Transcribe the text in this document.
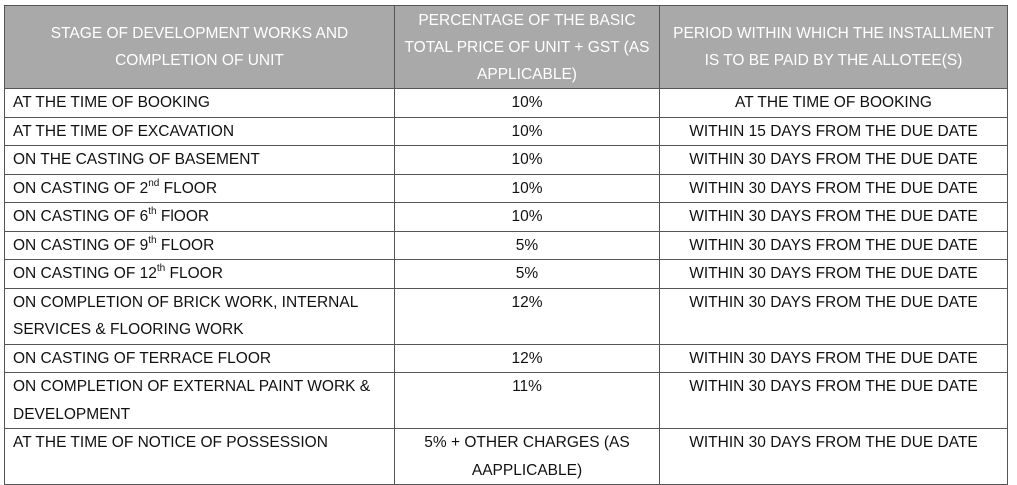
STAGE OF DEVELOPMENT WORKS AND COMPLETION OF UNIT	PERCENTAGE OF THE BASIC TOTAL PRICE OF UNIT + GST (AS APPLICABLE)	PERIOD WITHIN WHICH THE INSTALLMENT IS TO BE PAID BY THE ALLOTEE(S)
AT THE TIME OF BOOKING	10%	AT THE TIME OF BOOKING
AT THE TIME OF EXCAVATION	10%	WITHIN 15 DAYS FROM THE DUE DATE
ON THE CASTING OF BASEMENT	10%	WITHIN 30 DAYS FROM THE DUE DATE
ON CASTING OF 2nd FLOOR	10%	WITHIN 30 DAYS FROM THE DUE DATE
ON CASTING OF 6th FlOOR	10%	WITHIN 30 DAYS FROM THE DUE DATE
ON CASTING OF 9th FLOOR	5%	WITHIN 30 DAYS FROM THE DUE DATE
ON CASTING OF 12th FLOOR	5%	WITHIN 30 DAYS FROM THE DUE DATE
ON COMPLETION OF BRICK WORK, INTERNAL SERVICES & FLOORING WORK	12%	WITHIN 30 DAYS FROM THE DUE DATE
ON CASTING OF TERRACE FLOOR	12%	WITHIN 30 DAYS FROM THE DUE DATE
ON COMPLETION OF EXTERNAL PAINT WORK & DEVELOPMENT	11%	WITHIN 30 DAYS FROM THE DUE DATE
AT THE TIME OF NOTICE OF POSSESSION	5% + OTHER CHARGES (AS AAPPLICABLE)	WITHIN 30 DAYS FROM THE DUE DATE
